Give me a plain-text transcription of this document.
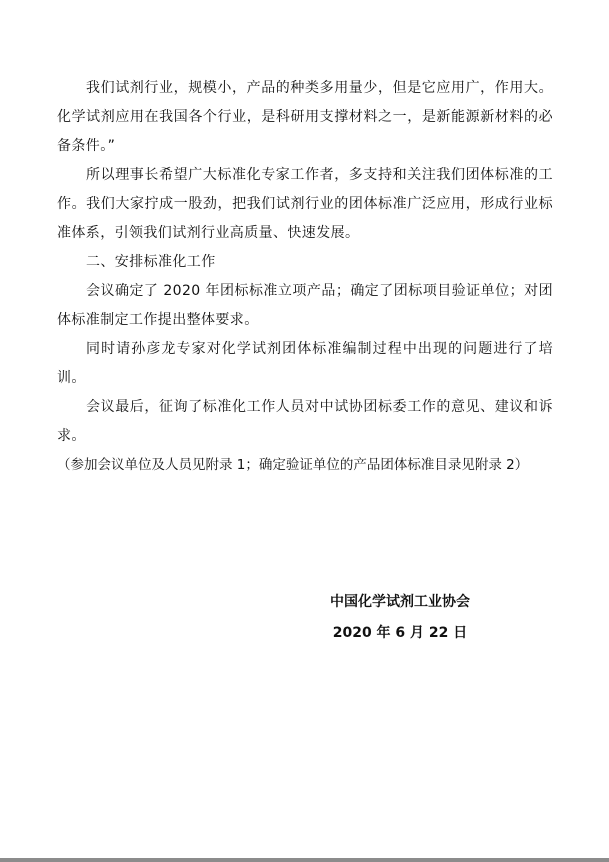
我们试剂行业，规模小，产品的种类多用量少，但是它应用广，作用大。化学试剂应用在我国各个行业，是科研用支撑材料之一，是新能源新材料的必备条件。”

所以理事长希望广大标准化专家工作者，多支持和关注我们团体标准的工作。我们大家拧成一股劲，把我们试剂行业的团体标准广泛应用，形成行业标准体系，引领我们试剂行业高质量、快速发展。

二、安排标准化工作

会议确定了 2020 年团标标准立项产品；确定了团标项目验证单位；对团体标准制定工作提出整体要求。

同时请孙彦龙专家对化学试剂团体标准编制过程中出现的问题进行了培训。

会议最后，征询了标准化工作人员对中试协团标委工作的意见、建议和诉求。

（参加会议单位及人员见附录 1；确定验证单位的产品团体标准目录见附录 2）

中国化学试剂工业协会
2020 年 6 月 22 日
